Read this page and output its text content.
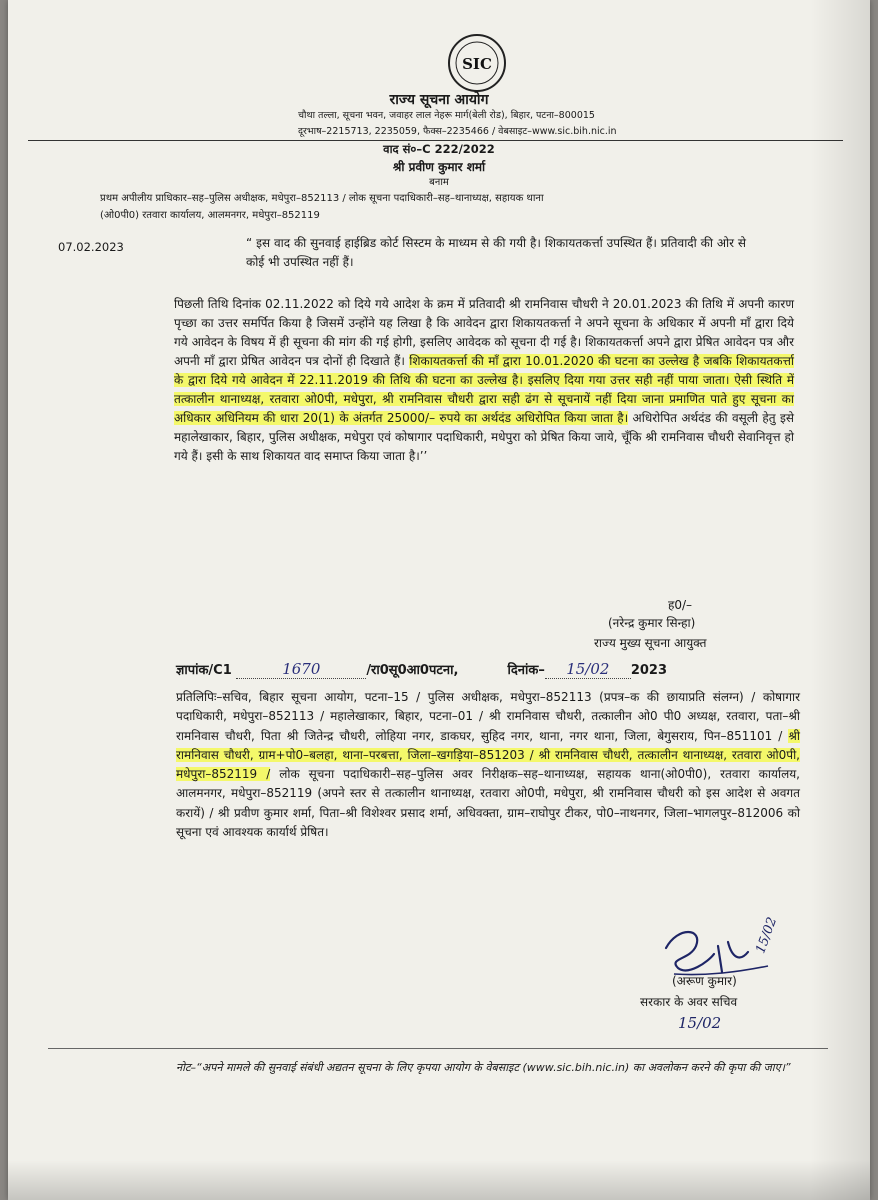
SIC
राज्य सूचना आयोग
चौथा तल्ला, सूचना भवन, जवाहर लाल नेहरू मार्ग(बेली रोड), बिहार, पटना–800015
दूरभाष–2215713, 2235059, फैक्स–2235466 / वेबसाइट–www.sic.bih.nic.in
वाद सं०–C 222/2022
श्री प्रवीण कुमार शर्मा
बनाम
प्रथम अपीलीय प्राधिकार–सह–पुलिस अधीक्षक, मधेपुरा–852113 / लोक सूचना पदाधिकारी–सह–थानाध्यक्ष, सहायक थाना
(ओ0पी0) रतवारा कार्यालय, आलमनगर, मधेपुरा–852119
07.02.2023	“ इस वाद की सुनवाई हाईब्रिड कोर्ट सिस्टम के माध्यम से की गयी है। शिकायतकर्त्ता उपस्थित हैं। प्रतिवादी की ओर से कोई भी उपस्थित नहीं हैं।
पिछली तिथि दिनांक 02.11.2022 को दिये गये आदेश के क्रम में प्रतिवादी श्री रामनिवास चौधरी ने 20.01.2023 की तिथि में अपनी कारण पृच्छा का उत्तर समर्पित किया है जिसमें उन्होंने यह लिखा है कि आवेदन द्वारा शिकायतकर्त्ता ने अपने सूचना के अधिकार में अपनी माँ द्वारा दिये गये आवेदन के विषय में ही सूचना की मांग की गई होगी, इसलिए आवेदक को सूचना दी गई है। शिकायतकर्त्ता अपने द्वारा प्रेषित आवेदन पत्र और अपनी माँ द्वारा प्रेषित आवेदन पत्र दोनों ही दिखाते हैं। शिकायतकर्त्ता की माँ द्वारा 10.01.2020 की घटना का उल्लेख है जबकि शिकायतकर्त्ता के द्वारा दिये गये आवेदन में 22.11.2019 की तिथि की घटना का उल्लेख है। इसलिए दिया गया उत्तर सही नहीं पाया जाता। ऐसी स्थिति में तत्कालीन थानाध्यक्ष, रतवारा ओ0पी, मधेपुरा, श्री रामनिवास चौधरी द्वारा सही ढंग से सूचनायें नहीं दिया जाना प्रमाणित पाते हुए सूचना का अधिकार अधिनियम की धारा 20(1) के अंतर्गत 25000/– रुपये का अर्थदंड अधिरोपित किया जाता है। अधिरोपित अर्थदंड की वसूली हेतु इसे महालेखाकार, बिहार, पुलिस अधीक्षक, मधेपुरा एवं कोषागार पदाधिकारी, मधेपुरा को प्रेषित किया जाये, चूँकि श्री रामनिवास चौधरी सेवानिवृत्त हो गये हैं। इसी के साथ शिकायत वाद समाप्त किया जाता है।’’
ह0/–
(नरेन्द्र कुमार सिन्हा)
राज्य मुख्य सूचना आयुक्त
ज्ञापांक/C1	1670	/रा0सू0आ0पटना,	दिनांक– 15/02 2023
प्रतिलिपिः–सचिव, बिहार सूचना आयोग, पटना–15 / पुलिस अधीक्षक, मधेपुरा–852113 (प्रपत्र–क की छायाप्रति संलग्न) / कोषागार पदाधिकारी, मधेपुरा–852113 / महालेखाकार, बिहार, पटना–01 / श्री रामनिवास चौधरी, तत्कालीन ओ0 पी0 अध्यक्ष, रतवारा, पता–श्री रामनिवास चौधरी, पिता श्री जितेन्द्र चौधरी, लोहिया नगर, डाकघर, सुहिद नगर, थाना, नगर थाना, जिला, बेगुसराय, पिन–851101 / श्री रामनिवास चौधरी, ग्राम+पो0–बलहा, थाना–परबत्ता, जिला–खगड़िया–851203 / श्री रामनिवास चौधरी, तत्कालीन थानाध्यक्ष, रतवारा ओ0पी, मधेपुरा–852119 / लोक सूचना पदाधिकारी–सह–पुलिस अवर निरीक्षक–सह–थानाध्यक्ष, सहायक थाना(ओ0पी0), रतवारा कार्यालय, आलमनगर, मधेपुरा–852119 (अपने स्तर से तत्कालीन थानाध्यक्ष, रतवारा ओ0पी, मधेपुरा, श्री रामनिवास चौधरी को इस आदेश से अवगत करायें) / श्री प्रवीण कुमार शर्मा, पिता–श्री विशेश्वर प्रसाद शर्मा, अधिवक्ता, ग्राम–राघोपुर टीकर, पो0–नाथनगर, जिला–भागलपुर–812006 को सूचना एवं आवश्यक कार्यार्थ प्रेषित।
15/02
(अरूण कुमार)
सरकार के अवर सचिव
15/02
नोट–“अपने मामले की सुनवाई संबंधी अद्यतन सूचना के लिए कृपया आयोग के वेबसाइट (www.sic.bih.nic.in) का अवलोकन करने की कृपा की जाए।”
